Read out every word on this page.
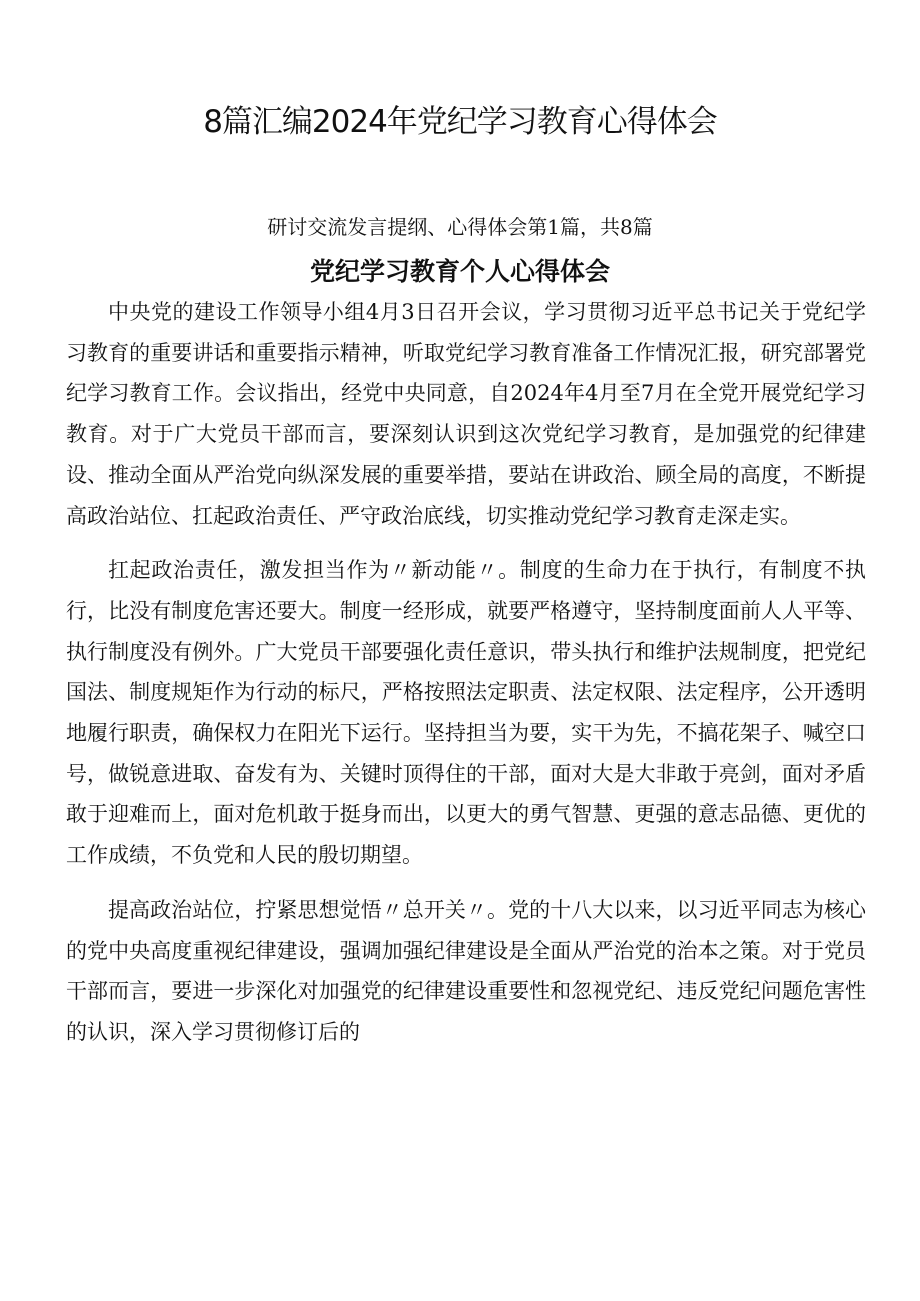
8篇汇编2024年党纪学习教育心得体会

研讨交流发言提纲、心得体会第1篇，共8篇

党纪学习教育个人心得体会

中央党的建设工作领导小组4月3日召开会议，学习贯彻习近平总书记关于党纪学习教育的重要讲话和重要指示精神，听取党纪学习教育准备工作情况汇报，研究部署党纪学习教育工作。会议指出，经党中央同意，自2024年4月至7月在全党开展党纪学习教育。对于广大党员干部而言，要深刻认识到这次党纪学习教育，是加强党的纪律建设、推动全面从严治党向纵深发展的重要举措，要站在讲政治、顾全局的高度，不断提高政治站位、扛起政治责任、严守政治底线，切实推动党纪学习教育走深走实。

扛起政治责任，激发担当作为〃新动能〃。制度的生命力在于执行，有制度不执行，比没有制度危害还要大。制度一经形成，就要严格遵守，坚持制度面前人人平等、执行制度没有例外。广大党员干部要强化责任意识，带头执行和维护法规制度，把党纪国法、制度规矩作为行动的标尺，严格按照法定职责、法定权限、法定程序，公开透明地履行职责，确保权力在阳光下运行。坚持担当为要，实干为先，不搞花架子、喊空口号，做锐意进取、奋发有为、关键时顶得住的干部，面对大是大非敢于亮剑，面对矛盾敢于迎难而上，面对危机敢于挺身而出，以更大的勇气智慧、更强的意志品德、更优的工作成绩，不负党和人民的殷切期望。

提高政治站位，拧紧思想觉悟〃总开关〃。党的十八大以来，以习近平同志为核心的党中央高度重视纪律建设，强调加强纪律建设是全面从严治党的治本之策。对于党员干部而言，要进一步深化对加强党的纪律建设重要性和忽视党纪、违反党纪问题危害性的认识，深入学习贯彻修订后的
